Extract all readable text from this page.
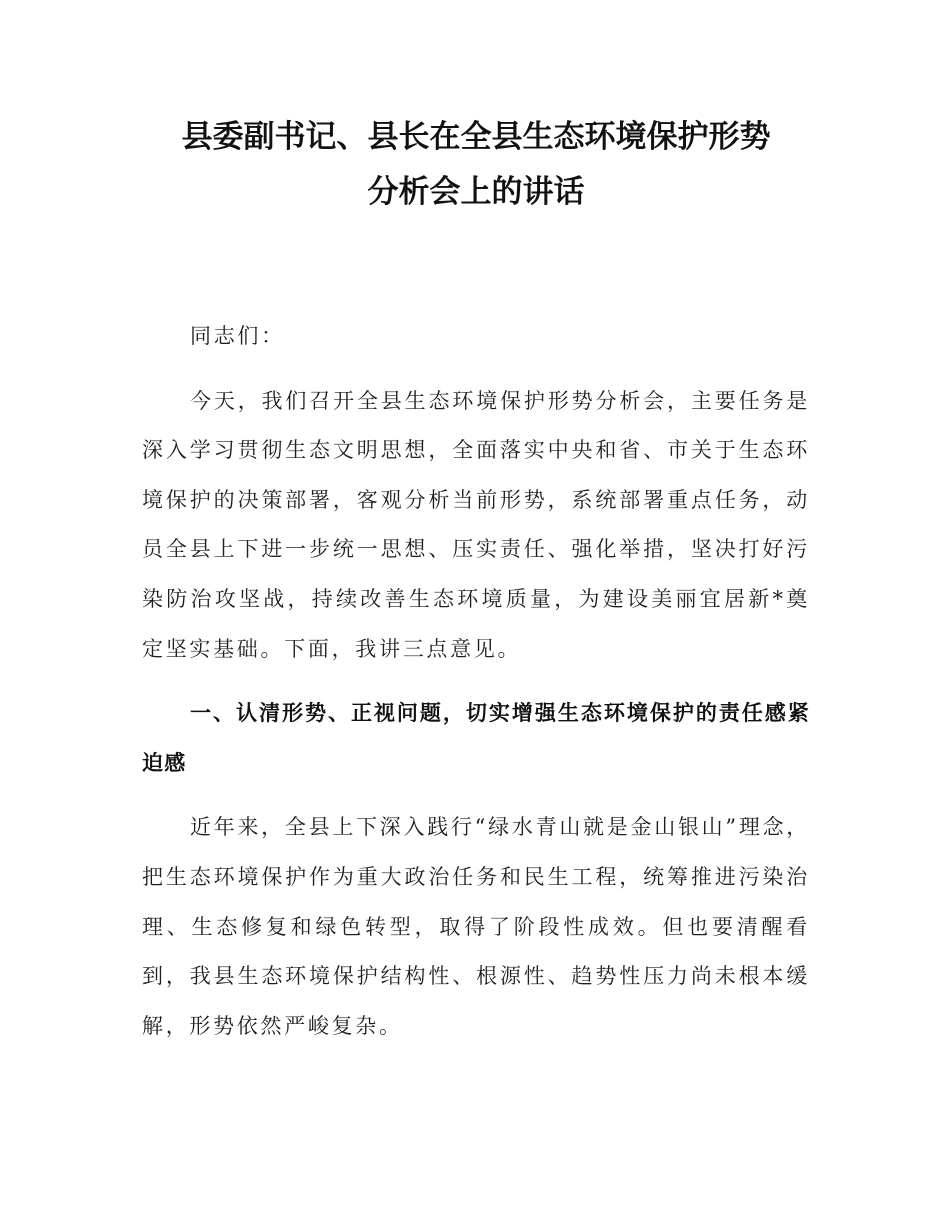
县委副书记、县长在全县生态环境保护形势
分析会上的讲话

同志们：

今天，我们召开全县生态环境保护形势分析会，主要任务是深入学习贯彻生态文明思想，全面落实中央和省、市关于生态环境保护的决策部署，客观分析当前形势，系统部署重点任务，动员全县上下进一步统一思想、压实责任、强化举措，坚决打好污染防治攻坚战，持续改善生态环境质量，为建设美丽宜居新*奠定坚实基础。下面，我讲三点意见。

一、认清形势、正视问题，切实增强生态环境保护的责任感紧迫感

近年来，全县上下深入践行“绿水青山就是金山银山”理念，把生态环境保护作为重大政治任务和民生工程，统筹推进污染治理、生态修复和绿色转型，取得了阶段性成效。但也要清醒看到，我县生态环境保护结构性、根源性、趋势性压力尚未根本缓解，形势依然严峻复杂。
